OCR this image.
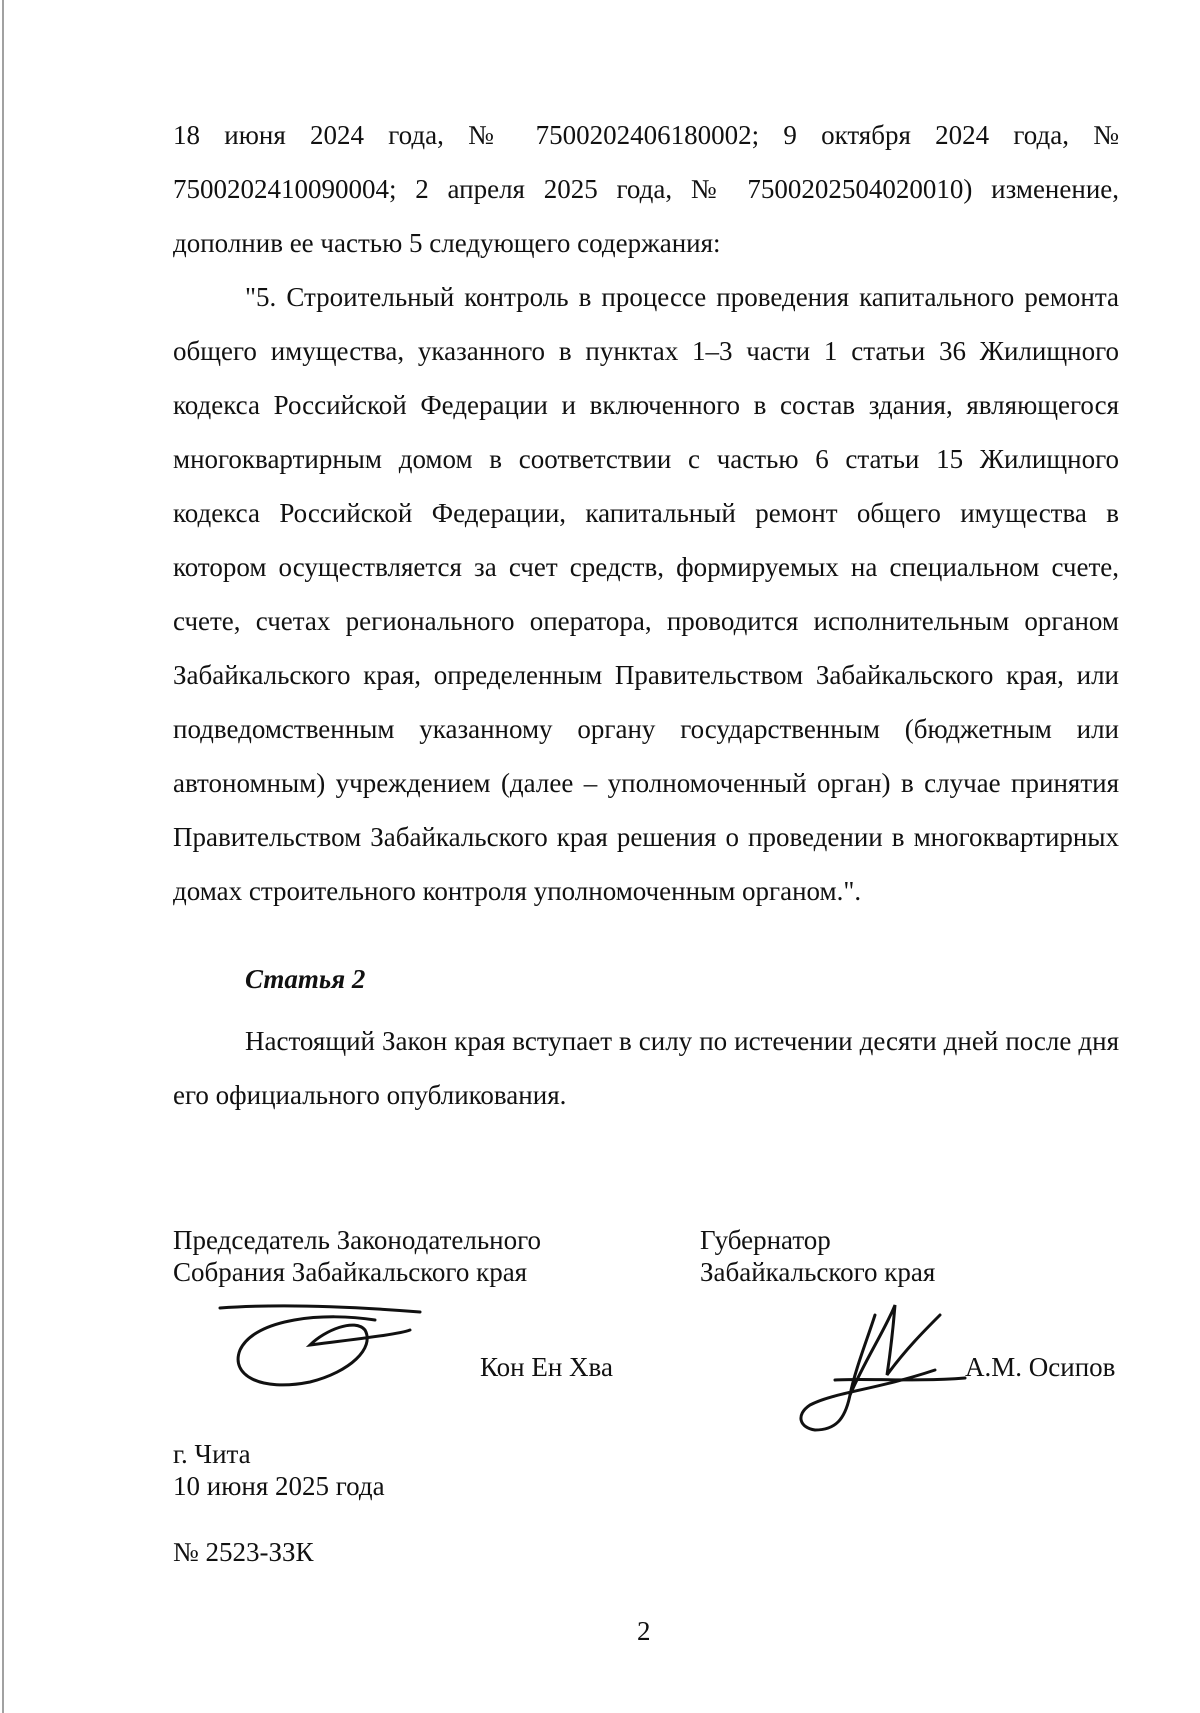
18 июня 2024 года, № 7500202406180002; 9 октября 2024 года, № 7500202410090004; 2 апреля 2025 года, № 7500202504020010) изменение, дополнив ее частью 5 следующего содержания:

"5. Строительный контроль в процессе проведения капитального ремонта общего имущества, указанного в пунктах 1–3 части 1 статьи 36 Жилищного кодекса Российской Федерации и включенного в состав здания, являющегося многоквартирным домом в соответствии с частью 6 статьи 15 Жилищного кодекса Российской Федерации, капитальный ремонт общего имущества в котором осуществляется за счет средств, формируемых на специальном счете, счете, счетах регионального оператора, проводится исполнительным органом Забайкальского края, определенным Правительством Забайкальского края, или подведомственным указанному органу государственным (бюджетным или автономным) учреждением (далее – уполномоченный орган) в случае принятия Правительством Забайкальского края решения о проведении в многоквартирных домах строительного контроля уполномоченным органом.".

Статья 2
Настоящий Закон края вступает в силу по истечении десяти дней после дня его официального опубликования.
Председатель Законодательного
Собрания Забайкальского края
Кон Ен Хва
Губернатор
Забайкальского края
А.М. Осипов
г. Чита
10 июня 2025 года
№ 2523-ЗЗК
2
